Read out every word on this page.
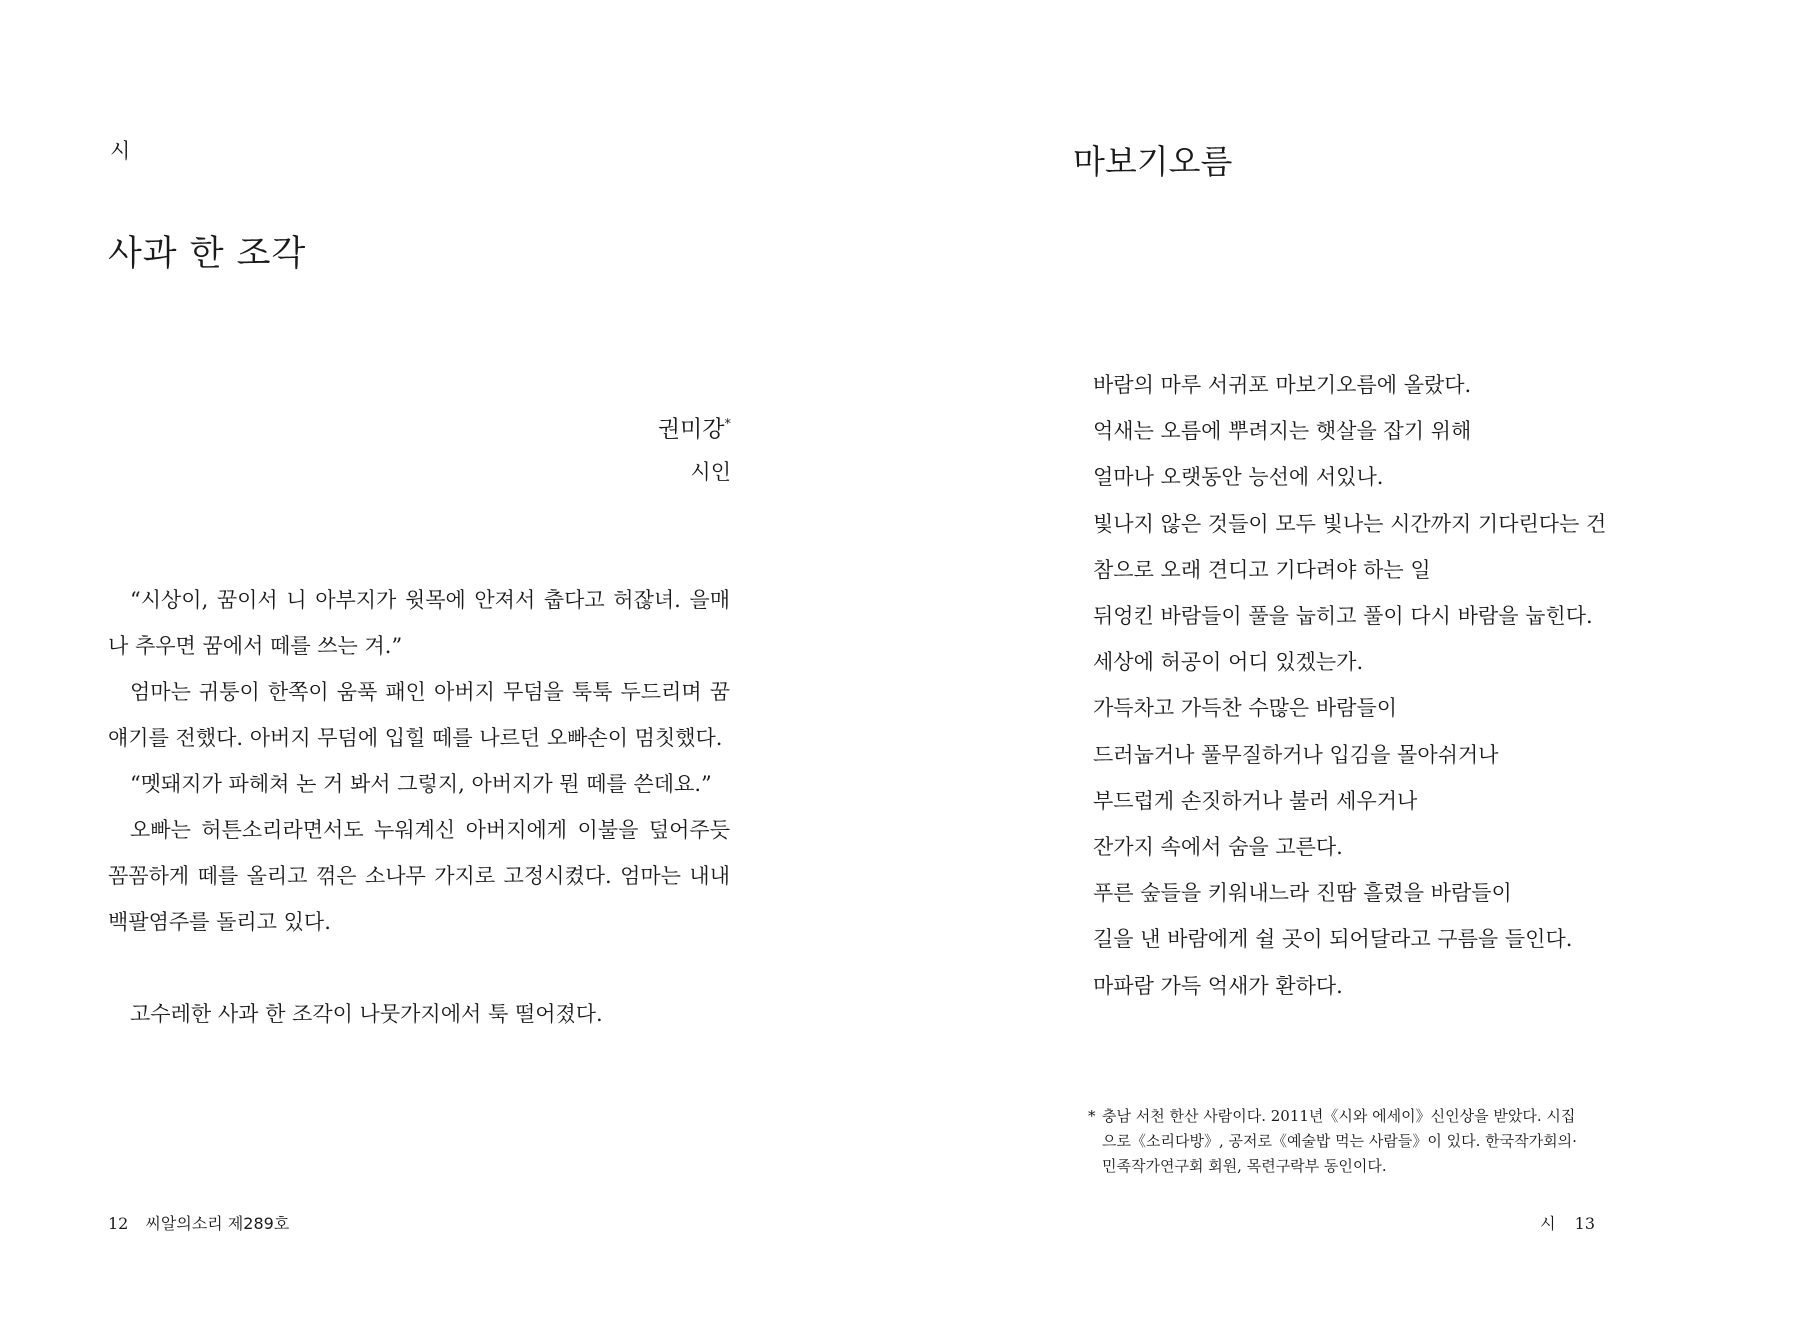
시
사과 한 조각
권미강*
시인

“시상이, 꿈이서 니 아부지가 윗목에 안져서 춥다고 허잖녀. 을매나 추우면 꿈에서 떼를 쓰는 겨.”

엄마는 귀퉁이 한쪽이 움푹 패인 아버지 무덤을 툭툭 두드리며 꿈얘기를 전했다. 아버지 무덤에 입힐 떼를 나르던 오빠손이 멈칫했다.

“멧돼지가 파헤쳐 논 거 봐서 그렇지, 아버지가 뭔 떼를 쓴데요.”

오빠는 허튼소리라면서도 누워계신 아버지에게 이불을 덮어주듯 꼼꼼하게 떼를 올리고 꺾은 소나무 가지로 고정시켰다. 엄마는 내내 백팔염주를 돌리고 있다.

고수레한 사과 한 조각이 나뭇가지에서 툭 떨어졌다.

12 씨알의소리 제289호
마보기오름
바람의 마루 서귀포 마보기오름에 올랐다.
억새는 오름에 뿌려지는 햇살을 잡기 위해
얼마나 오랫동안 능선에 서있나.
빛나지 않은 것들이 모두 빛나는 시간까지 기다린다는 건
참으로 오래 견디고 기다려야 하는 일
뒤엉킨 바람들이 풀을 눕히고 풀이 다시 바람을 눕힌다.
세상에 허공이 어디 있겠는가.
가득차고 가득찬 수많은 바람들이
드러눕거나 풀무질하거나 입김을 몰아쉬거나
부드럽게 손짓하거나 불러 세우거나
잔가지 속에서 숨을 고른다.
푸른 숲들을 키워내느라 진땀 흘렸을 바람들이
길을 낸 바람에게 쉴 곳이 되어달라고 구름을 들인다.
마파람 가득 억새가 환하다.
* 충남 서천 한산 사람이다. 2011년《시와 에세이》신인상을 받았다. 시집으로《소리다방》, 공저로《예술밥 먹는 사람들》이 있다. 한국작가회의·민족작가연구회 회원, 목련구락부 동인이다.
시 13
